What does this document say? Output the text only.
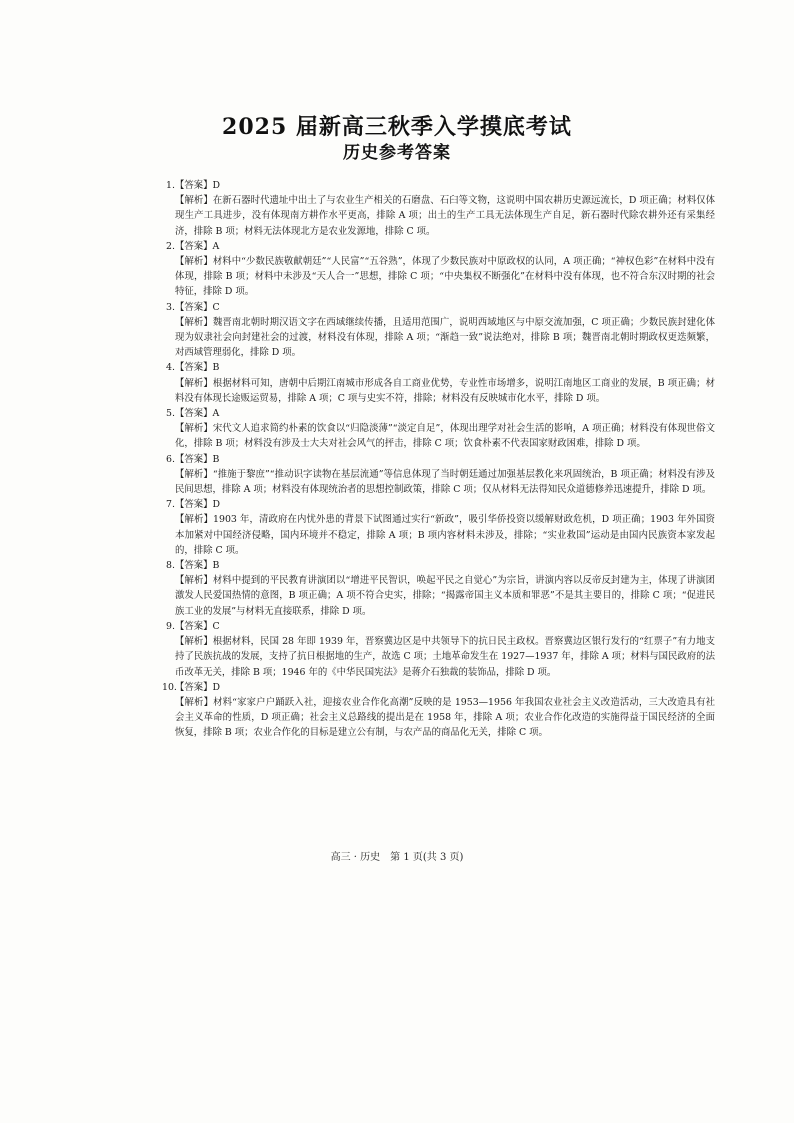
2025 届新高三秋季入学摸底考试
历史参考答案
1.【答案】D
【解析】在新石器时代遗址中出土了与农业生产相关的石磨盘、石臼等文物，这说明中国农耕历史源远流长，D 项正确；材料仅体现生产工具进步，没有体现南方耕作水平更高，排除 A 项；出土的生产工具无法体现生产自足，新石器时代除农耕外还有采集经济，排除 B 项；材料无法体现北方是农业发源地，排除 C 项。
2.【答案】A
【解析】材料中“少数民族敬献朝廷”“人民富”“五谷熟”，体现了少数民族对中原政权的认同，A 项正确；“神权色彩”在材料中没有体现，排除 B 项；材料中未涉及“天人合一”思想，排除 C 项；“中央集权不断强化”在材料中没有体现，也不符合东汉时期的社会特征，排除 D 项。
3.【答案】C
【解析】魏晋南北朝时期汉语文字在西域继续传播，且适用范围广，说明西域地区与中原交流加强，C 项正确；少数民族封建化体现为奴隶社会向封建社会的过渡，材料没有体现，排除 A 项；“渐趋一致”说法绝对，排除 B 项；魏晋南北朝时期政权更迭频繁，对西域管理弱化，排除 D 项。
4.【答案】B
【解析】根据材料可知，唐朝中后期江南城市形成各自工商业优势，专业性市场增多，说明江南地区工商业的发展，B 项正确；材料没有体现长途贩运贸易，排除 A 项；C 项与史实不符，排除；材料没有反映城市化水平，排除 D 项。
5.【答案】A
【解析】宋代文人追求简约朴素的饮食以“归隐淡薄”“淡定自足”，体现出理学对社会生活的影响，A 项正确；材料没有体现世俗文化，排除 B 项；材料没有涉及士大夫对社会风气的抨击，排除 C 项；饮食朴素不代表国家财政困难，排除 D 项。
6.【答案】B
【解析】“推施于黎庶”“推动识字读物在基层流通”等信息体现了当时朝廷通过加强基层教化来巩固统治，B 项正确；材料没有涉及民间思想，排除 A 项；材料没有体现统治者的思想控制政策，排除 C 项；仅从材料无法得知民众道德修养迅速提升，排除 D 项。
7.【答案】D
【解析】1903 年，清政府在内忧外患的背景下试图通过实行“新政”，吸引华侨投资以缓解财政危机，D 项正确；1903 年外国资本加紧对中国经济侵略，国内环境并不稳定，排除 A 项；B 项内容材料未涉及，排除；“实业救国”运动是由国内民族资本家发起的，排除 C 项。
8.【答案】B
【解析】材料中提到的平民教育讲演团以“增进平民智识，唤起平民之自觉心”为宗旨，讲演内容以反帝反封建为主，体现了讲演团激发人民爱国热情的意图，B 项正确；A 项不符合史实，排除；“揭露帝国主义本质和罪恶”不是其主要目的，排除 C 项；“促进民族工业的发展”与材料无直接联系，排除 D 项。
9.【答案】C
【解析】根据材料，民国 28 年即 1939 年，晋察冀边区是中共领导下的抗日民主政权。晋察冀边区银行发行的“红票子”有力地支持了民族抗战的发展，支持了抗日根据地的生产，故选 C 项；土地革命发生在 1927—1937 年，排除 A 项；材料与国民政府的法币改革无关，排除 B 项；1946 年的《中华民国宪法》是蒋介石独裁的装饰品，排除 D 项。
10.【答案】D
【解析】材料“家家户户踊跃入社，迎接农业合作化高潮”反映的是 1953—1956 年我国农业社会主义改造活动，三大改造具有社会主义革命的性质，D 项正确；社会主义总路线的提出是在 1958 年，排除 A 项；农业合作化改造的实施得益于国民经济的全面恢复，排除 B 项；农业合作化的目标是建立公有制，与农产品的商品化无关，排除 C 项。
高三 · 历史　第 1 页(共 3 页)
